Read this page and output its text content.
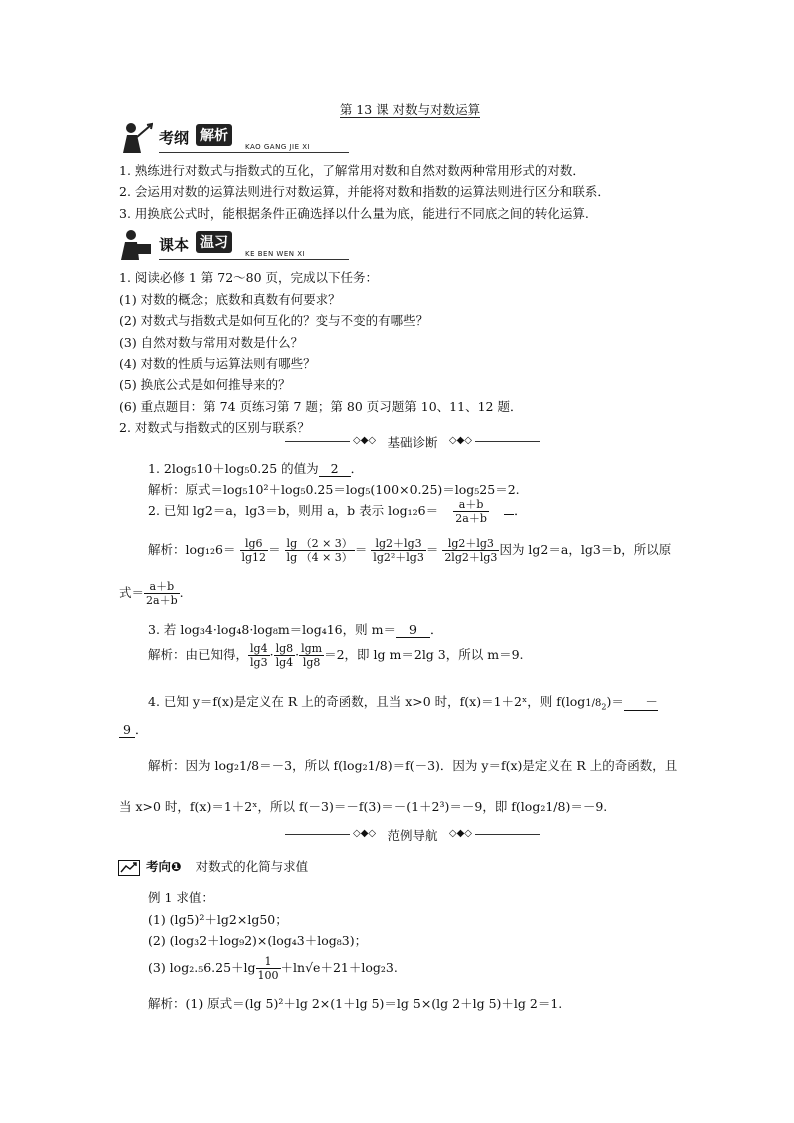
第 13 课 对数与对数运算
考纲 解析
KAO GANG JIE XI
1. 熟练进行对数式与指数式的互化，了解常用对数和自然对数两种常用形式的对数．
2. 会运用对数的运算法则进行对数运算，并能将对数和指数的运算法则进行区分和联系．
3. 用换底公式时，能根据条件正确选择以什么量为底，能进行不同底之间的转化运算.
课本 温习
KE BEN WEN XI
1. 阅读必修 1 第 72～80 页，完成以下任务：
(1) 对数的概念；底数和真数有何要求？
(2) 对数式与指数式是如何互化的？变与不变的有哪些？
(3) 自然对数与常用对数是什么？
(4) 对数的性质与运算法则有哪些？
(5) 换底公式是如何推导来的？
(6) 重点题目：第 74 页练习第 7 题；第 80 页习题第 10、11、12 题．
2. 对数式与指数式的区别与联系？
◇◆◇ 基础诊断	◇◆◇
1. 2log₅10＋log₅0.25 的值为 2 ．
解析：原式＝log₅10²＋log₅0.25＝log₅(100×0.25)＝log₅25＝2.
2. 已知 lg2＝a，lg3＝b，则用 a，b 表示 $\log_{12}6= \frac{a+b}{2a+b}$ ．
解析：$\log_{12}6= \frac{\lg 6}{\lg 12} = \frac{\lg (2 \times 3)}{\lg (4 \times 3)} = \frac{\lg 2+\lg 3}{\text{lg2²＋lg3}} = \frac{\lg 2+\lg 3}{2\lg 2+\lg 3}$ 因为 lg2＝a，lg3＝b，所以原
式＝ $\frac{a+b}{2a+b}$ .
3. 若 log₃4·log₄8·log₈m＝log₄16，则 m＝ 9 ．
解析：由已知得， $\frac{\lg 4}{\lg 3} \cdot \frac{\lg 8}{\lg 4} \cdot \frac{\lg m}{\lg 8} =2$，即 lg m＝2lg 3，所以 m＝9.
4. 已知 y＝f(x)是定义在 R 上的奇函数，且当 x>0 时，f(x)＝1＋2ˣ，则 $f(\log 1/8_2)=$ －
9 ．
解析：因为 log₂1/8＝－3，所以 f(log₂1/8)＝f(－3)．因为 y＝f(x)是定义在 R 上的奇函数，且
当 x>0 时，f(x)＝1＋2ˣ，所以 f(－3)＝－f(3)＝－(1＋2³)＝－9，即 f(log₂1/8)＝－9.
◇◆◇ 范例导航	◇◆◇
考向❶ 对数式的化简与求值
例 1 求值：
(1) (lg5)²＋lg2×lg50；
(2) (log₃2＋log₉2)×(log₄3＋log₈3)；
(3) $\log_2._56.25+\lg \frac{1}{100} +\ln√e+21+\log_23$.
解析：(1) 原式＝(lg 5)²＋lg 2×(1＋lg 5)＝lg 5×(lg 2＋lg 5)＋lg 2＝1.
